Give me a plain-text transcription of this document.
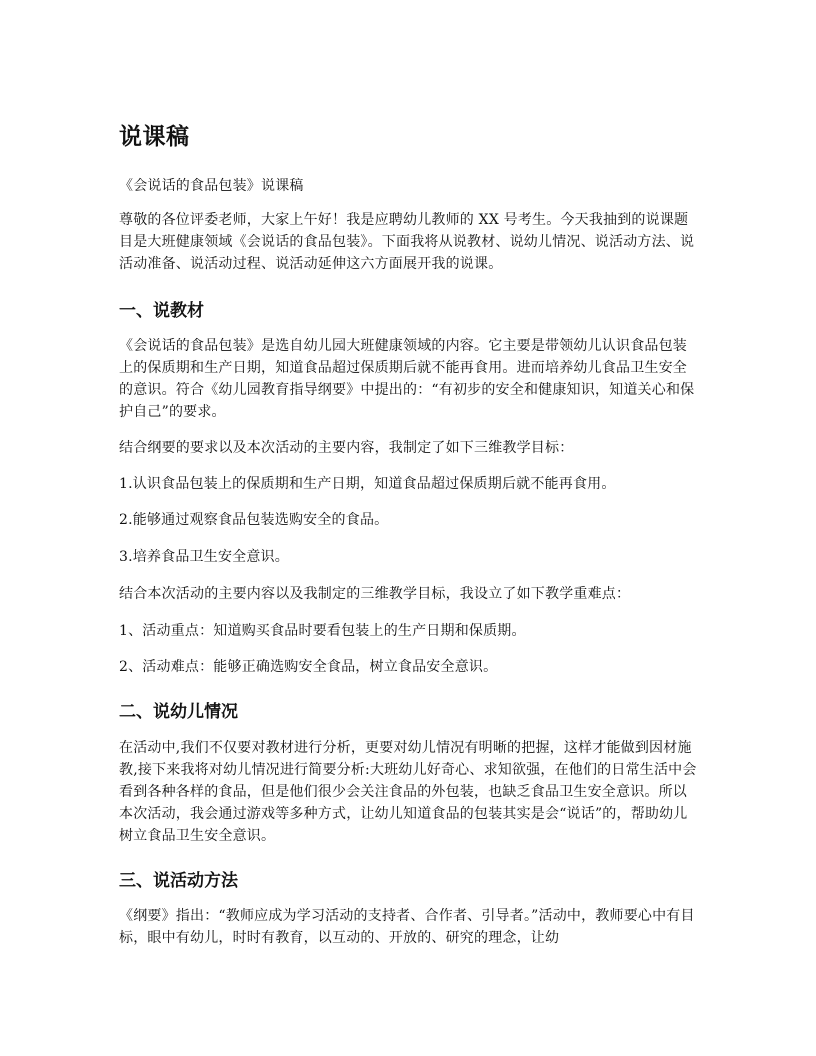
说课稿

《会说话的食品包装》说课稿

尊敬的各位评委老师，大家上午好！我是应聘幼儿教师的 XX 号考生。今天我抽到的说课题目是大班健康领域《会说话的食品包装》。下面我将从说教材、说幼儿情况、说活动方法、说活动准备、说活动过程、说活动延伸这六方面展开我的说课。

一、说教材

《会说话的食品包装》是选自幼儿园大班健康领域的内容。它主要是带领幼儿认识食品包装上的保质期和生产日期，知道食品超过保质期后就不能再食用。进而培养幼儿食品卫生安全的意识。符合《幼儿园教育指导纲要》中提出的：“有初步的安全和健康知识，知道关心和保护自己”的要求。

结合纲要的要求以及本次活动的主要内容，我制定了如下三维教学目标：

1.认识食品包装上的保质期和生产日期，知道食品超过保质期后就不能再食用。

2.能够通过观察食品包装选购安全的食品。

3.培养食品卫生安全意识。

结合本次活动的主要内容以及我制定的三维教学目标，我设立了如下教学重难点：

1、活动重点：知道购买食品时要看包装上的生产日期和保质期。

2、活动难点：能够正确选购安全食品，树立食品安全意识。

二、说幼儿情况

在活动中,我们不仅要对教材进行分析，更要对幼儿情况有明晰的把握，这样才能做到因材施教,接下来我将对幼儿情况进行简要分析:大班幼儿好奇心、求知欲强，在他们的日常生活中会看到各种各样的食品，但是他们很少会关注食品的外包装，也缺乏食品卫生安全意识。所以本次活动，我会通过游戏等多种方式，让幼儿知道食品的包装其实是会“说话”的，帮助幼儿树立食品卫生安全意识。

三、说活动方法

《纲要》指出：“教师应成为学习活动的支持者、合作者、引导者。”活动中，教师要心中有目标，眼中有幼儿，时时有教育，以互动的、开放的、研究的理念，让幼
